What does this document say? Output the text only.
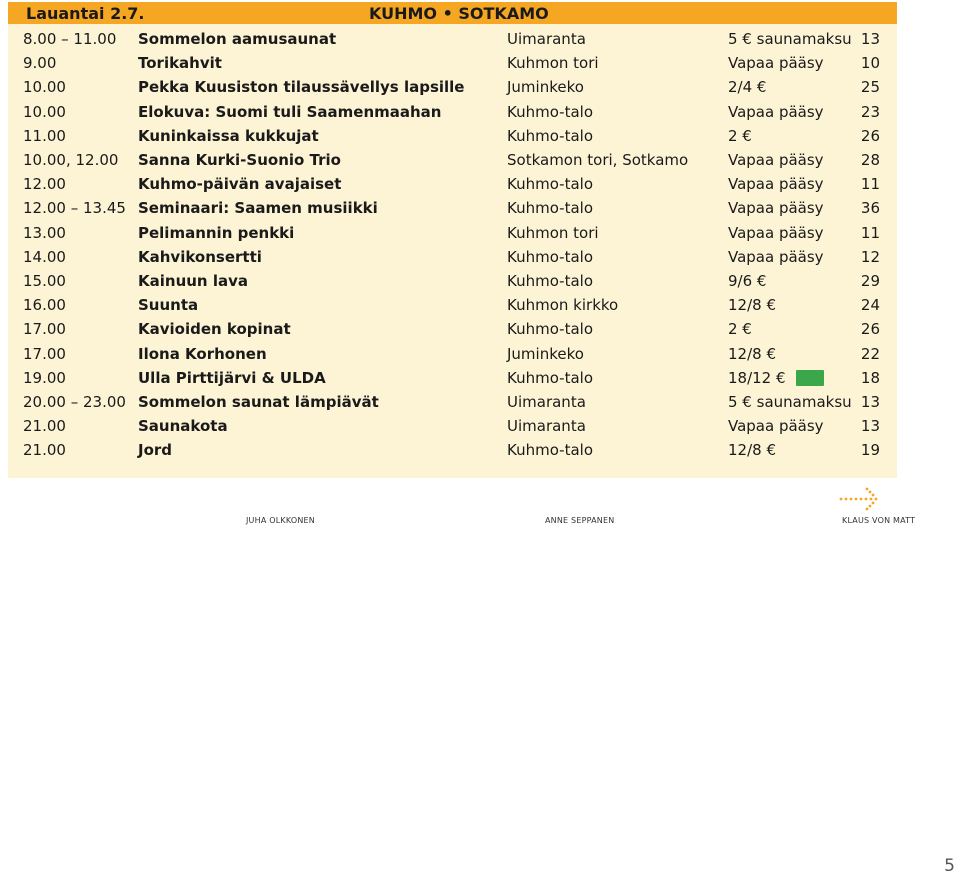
Lauantai 2.7.	KUHMO • SOTKAMO
8.00 – 11.00 Sommelon aamusaunat	Uimaranta	5 € saunamaksu 13
9.00	Torikahvit	Kuhmon tori	Vapaa pääsy 10
10.00	Pekka Kuusiston tilaussävellys lapsille	Juminkeko	2/4 €	25
10.00	Elokuva: Suomi tuli Saamenmaahan	Kuhmo-talo	Vapaa pääsy 23
11.00	Kuninkaissa kukkujat	Kuhmo-talo	2 €	26
10.00, 12.00 Sanna Kurki-Suonio Trio	Sotkamon tori, Sotkamo	Vapaa pääsy 28
12.00	Kuhmo-päivän avajaiset	Kuhmo-talo	Vapaa pääsy 11
12.00 – 13.45 Seminaari: Saamen musiikki	Kuhmo-talo	Vapaa pääsy 36
13.00	Pelimannin penkki	Kuhmon tori	Vapaa pääsy 11
14.00	Kahvikonsertti	Kuhmo-talo	Vapaa pääsy 12
15.00	Kainuun lava	Kuhmo-talo	9/6 €	29
16.00	Suunta	Kuhmon kirkko	12/8 €	24
17.00	Kavioiden kopinat	Kuhmo-talo	2 €	26
17.00	Ilona Korhonen	Juminkeko	12/8 €	22
19.00	Ulla Pirttijärvi & ULDA	Kuhmo-talo	18/12 €	18
20.00 – 23.00 Sommelon saunat lämpiävät	Uimaranta	5 € saunamaksu 13
21.00	Saunakota	Uimaranta	Vapaa pääsy 13
21.00	Jord	Kuhmo-talo	12/8 €	19
JUHA OLKKONEN	ANNE SEPPANEN	KLAUS VON MATT
5
